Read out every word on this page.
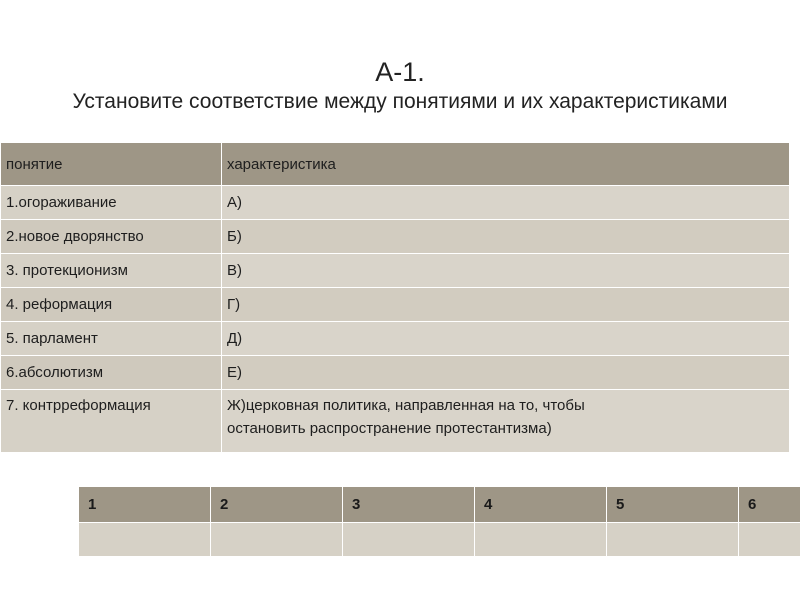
А-1.
Установите соответствие между понятиями и их характеристиками
понятие	характеристика
1.огораживание	А)
2.новое дворянство	Б)
3. протекционизм	В)
4. реформация	Г)
5. парламент	Д)
6.абсолютизм	Е)
7. контрреформация	Ж)церковная политика, направленная на то, чтобы
остановить распространение протестантизма)
1	2	3	4	5	6
